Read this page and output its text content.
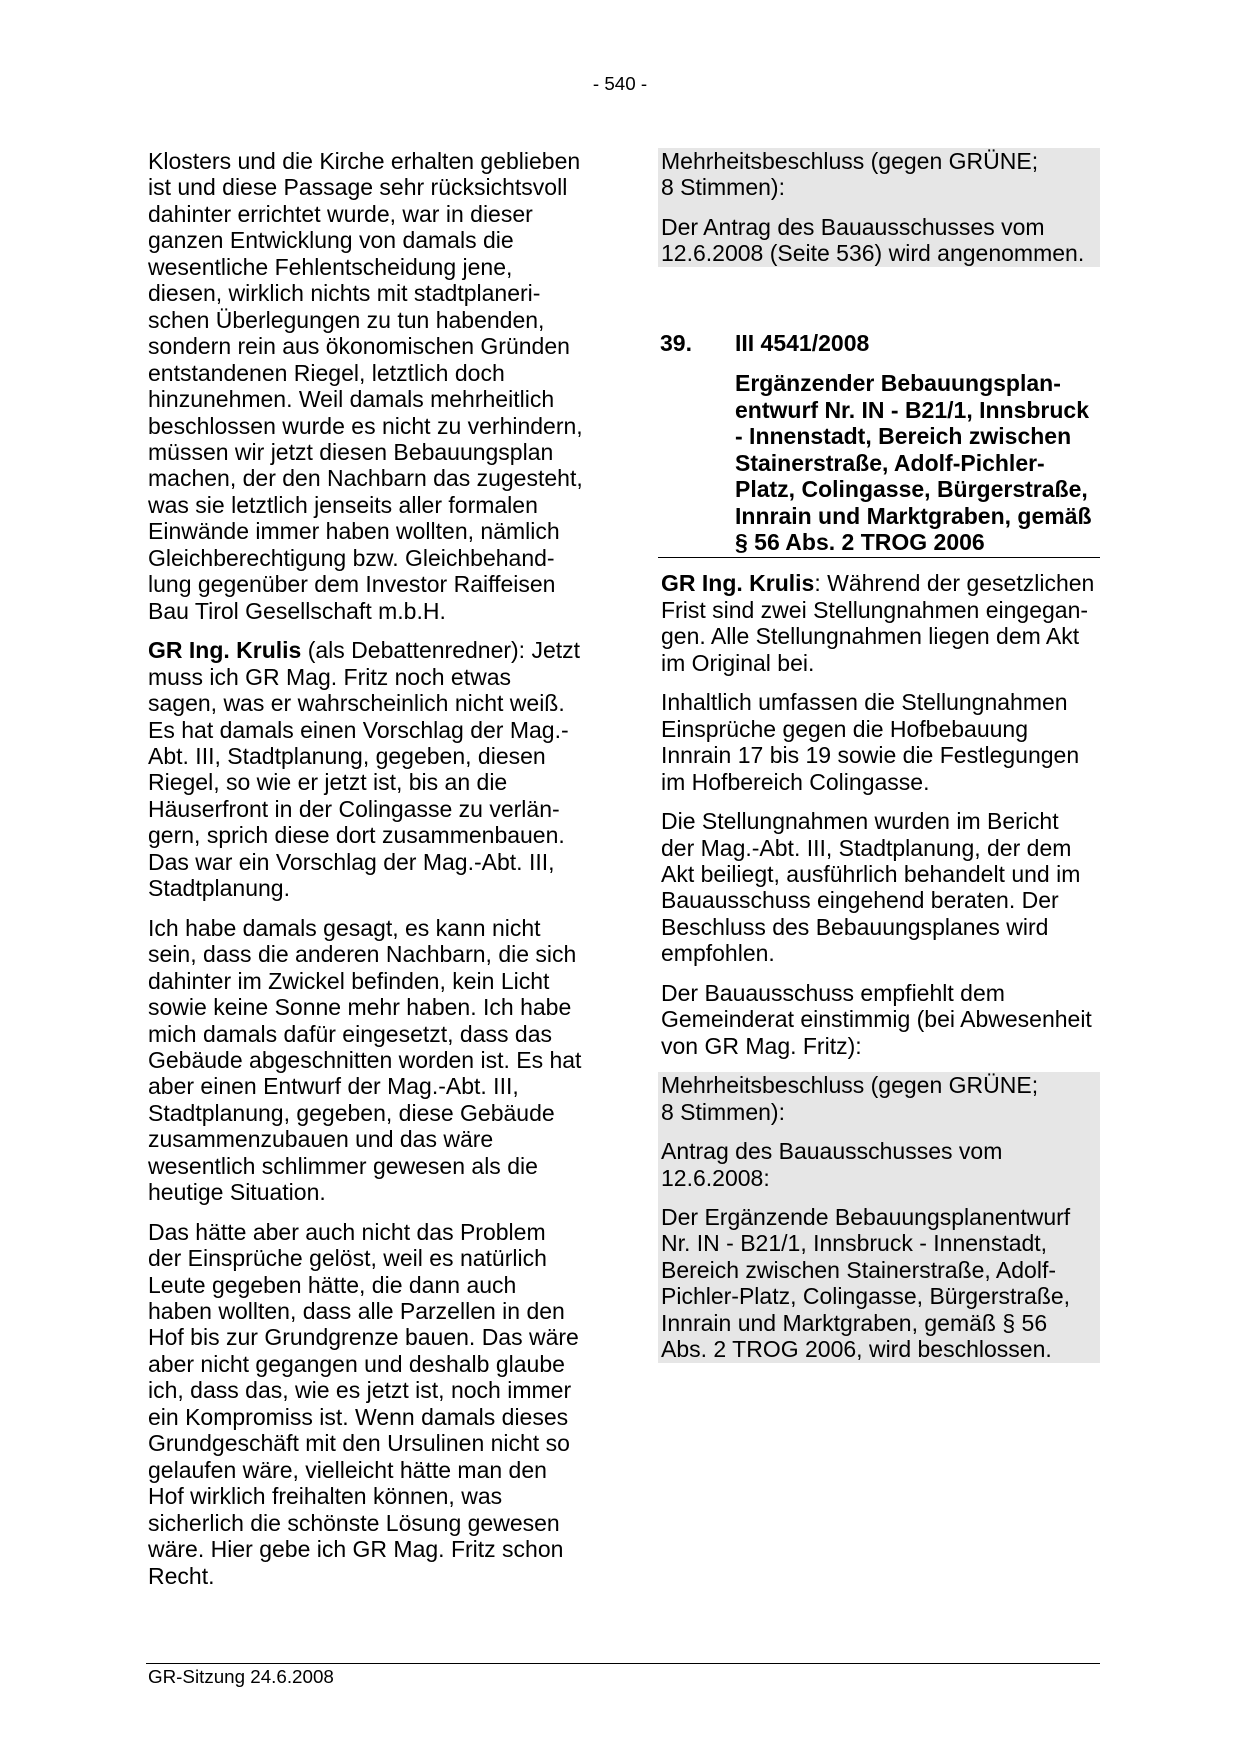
- 540 -

Klosters und die Kirche erhalten geblieben
ist und diese Passage sehr rücksichtsvoll
dahinter errichtet wurde, war in dieser
ganzen Entwicklung von damals die
wesentliche Fehlentscheidung jene,
diesen, wirklich nichts mit stadtplaneri-
schen Überlegungen zu tun habenden,
sondern rein aus ökonomischen Gründen
entstandenen Riegel, letztlich doch
hinzunehmen. Weil damals mehrheitlich
beschlossen wurde es nicht zu verhindern,
müssen wir jetzt diesen Bebauungsplan
machen, der den Nachbarn das zugesteht,
was sie letztlich jenseits aller formalen
Einwände immer haben wollten, nämlich
Gleichberechtigung bzw. Gleichbehand-
lung gegenüber dem Investor Raiffeisen
Bau Tirol Gesellschaft m.b.H.

GR Ing. Krulis (als Debattenredner): Jetzt
muss ich GR Mag. Fritz noch etwas
sagen, was er wahrscheinlich nicht weiß.
Es hat damals einen Vorschlag der Mag.-
Abt. III, Stadtplanung, gegeben, diesen
Riegel, so wie er jetzt ist, bis an die
Häuserfront in der Colingasse zu verlän-
gern, sprich diese dort zusammenbauen.
Das war ein Vorschlag der Mag.-Abt. III,
Stadtplanung.

Ich habe damals gesagt, es kann nicht
sein, dass die anderen Nachbarn, die sich
dahinter im Zwickel befinden, kein Licht
sowie keine Sonne mehr haben. Ich habe
mich damals dafür eingesetzt, dass das
Gebäude abgeschnitten worden ist. Es hat
aber einen Entwurf der Mag.-Abt. III,
Stadtplanung, gegeben, diese Gebäude
zusammenzubauen und das wäre
wesentlich schlimmer gewesen als die
heutige Situation.

Das hätte aber auch nicht das Problem
der Einsprüche gelöst, weil es natürlich
Leute gegeben hätte, die dann auch
haben wollten, dass alle Parzellen in den
Hof bis zur Grundgrenze bauen. Das wäre
aber nicht gegangen und deshalb glaube
ich, dass das, wie es jetzt ist, noch immer
ein Kompromiss ist. Wenn damals dieses
Grundgeschäft mit den Ursulinen nicht so
gelaufen wäre, vielleicht hätte man den
Hof wirklich freihalten können, was
sicherlich die schönste Lösung gewesen
wäre. Hier gebe ich GR Mag. Fritz schon
Recht.

Mehrheitsbeschluss (gegen GRÜNE;
8 Stimmen):

Der Antrag des Bauausschusses vom
12.6.2008 (Seite 536) wird angenommen.

39.	III 4541/2008
Ergänzender Bebauungsplan-
entwurf Nr. IN - B21/1, Innsbruck
- Innenstadt, Bereich zwischen
Stainerstraße, Adolf-Pichler-
Platz, Colingasse, Bürgerstraße,
Innrain und Marktgraben, gemäß
§ 56 Abs. 2 TROG 2006

GR Ing. Krulis: Während der gesetzlichen
Frist sind zwei Stellungnahmen eingegan-
gen. Alle Stellungnahmen liegen dem Akt
im Original bei.

Inhaltlich umfassen die Stellungnahmen
Einsprüche gegen die Hofbebauung
Innrain 17 bis 19 sowie die Festlegungen
im Hofbereich Colingasse.

Die Stellungnahmen wurden im Bericht
der Mag.-Abt. III, Stadtplanung, der dem
Akt beiliegt, ausführlich behandelt und im
Bauausschuss eingehend beraten. Der
Beschluss des Bebauungsplanes wird
empfohlen.

Der Bauausschuss empfiehlt dem
Gemeinderat einstimmig (bei Abwesenheit
von GR Mag. Fritz):

Mehrheitsbeschluss (gegen GRÜNE;
8 Stimmen):

Antrag des Bauausschusses vom
12.6.2008:

Der Ergänzende Bebauungsplanentwurf
Nr. IN - B21/1, Innsbruck - Innenstadt,
Bereich zwischen Stainerstraße, Adolf-
Pichler-Platz, Colingasse, Bürgerstraße,
Innrain und Marktgraben, gemäß § 56
Abs. 2 TROG 2006, wird beschlossen.

GR-Sitzung 24.6.2008
